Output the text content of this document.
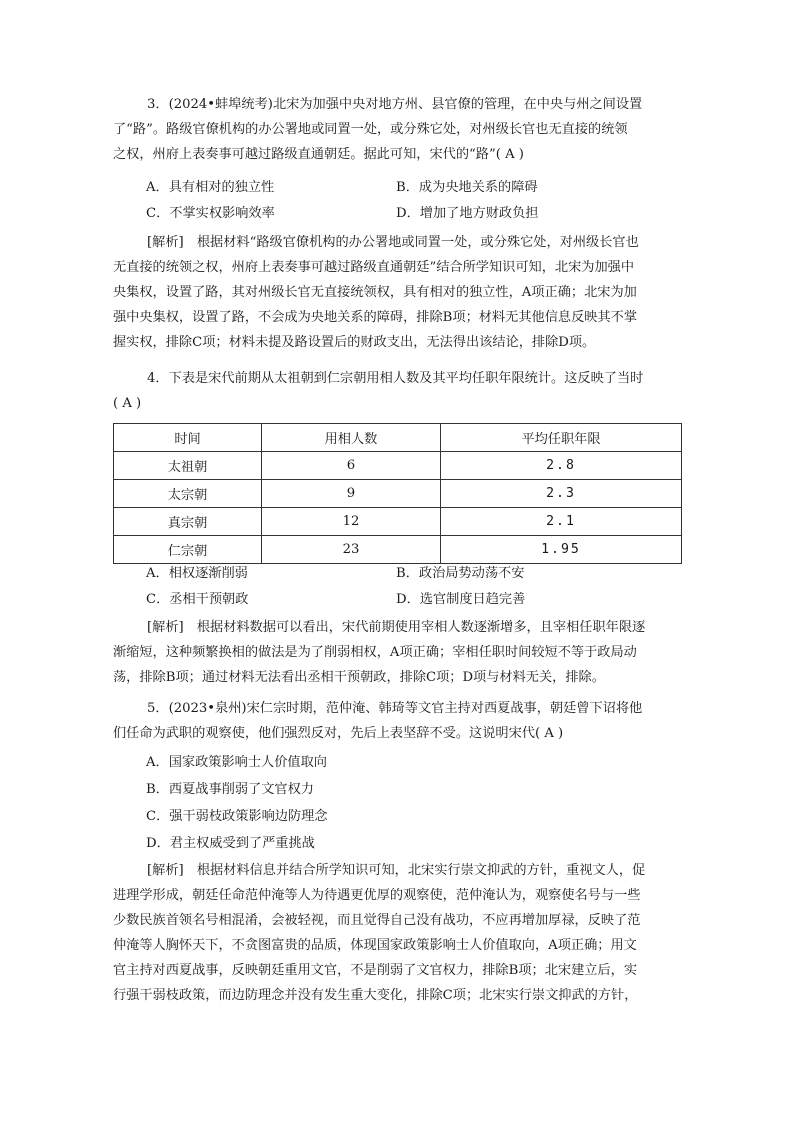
3．(2024•蚌埠统考)北宋为加强中央对地方州、县官僚的管理，在中央与州之间设置
了“路”。路级官僚机构的办公署地或同置一处，或分殊它处，对州级长官也无直接的统领
之权，州府上表奏事可越过路级直通朝廷。据此可知，宋代的“路”( A )
A．具有相对的独立性	B．成为央地关系的障碍
C．不掌实权影响效率	D．增加了地方财政负担
[解析]　根据材料“路级官僚机构的办公署地或同置一处，或分殊它处，对州级长官也
无直接的统领之权，州府上表奏事可越过路级直通朝廷”结合所学知识可知，北宋为加强中
央集权，设置了路，其对州级长官无直接统领权，具有相对的独立性，A项正确；北宋为加
强中央集权，设置了路，不会成为央地关系的障碍，排除B项；材料无其他信息反映其不掌
握实权，排除C项；材料未提及路设置后的财政支出，无法得出该结论，排除D项。
4．下表是宋代前期从太祖朝到仁宗朝用相人数及其平均任职年限统计。这反映了当时
( A )
时间	用相人数	平均任职年限
太祖朝	6	2.8
太宗朝	9	2.3
真宗朝	12	2.1
仁宗朝	23	1.95
A．相权逐渐削弱	B．政治局势动荡不安
C．丞相干预朝政	D．选官制度日趋完善
[解析]　根据材料数据可以看出，宋代前期使用宰相人数逐渐增多，且宰相任职年限逐
渐缩短，这种频繁换相的做法是为了削弱相权，A项正确；宰相任职时间较短不等于政局动
荡，排除B项；通过材料无法看出丞相干预朝政，排除C项；D项与材料无关，排除。
5．(2023•泉州)宋仁宗时期，范仲淹、韩琦等文官主持对西夏战事，朝廷曾下诏将他
们任命为武职的观察使，他们强烈反对，先后上表坚辞不受。这说明宋代( A )
A．国家政策影响士人价值取向
B．西夏战事削弱了文官权力
C．强干弱枝政策影响边防理念
D．君主权威受到了严重挑战
[解析]　根据材料信息并结合所学知识可知，北宋实行崇文抑武的方针，重视文人，促
进理学形成，朝廷任命范仲淹等人为待遇更优厚的观察使，范仲淹认为，观察使名号与一些
少数民族首领名号相混淆，会被轻视，而且觉得自己没有战功，不应再增加厚禄，反映了范
仲淹等人胸怀天下，不贪图富贵的品质，体现国家政策影响士人价值取向，A项正确；用文
官主持对西夏战事，反映朝廷重用文官，不是削弱了文官权力，排除B项；北宋建立后，实
行强干弱枝政策，而边防理念并没有发生重大变化，排除C项；北宋实行崇文抑武的方针，
